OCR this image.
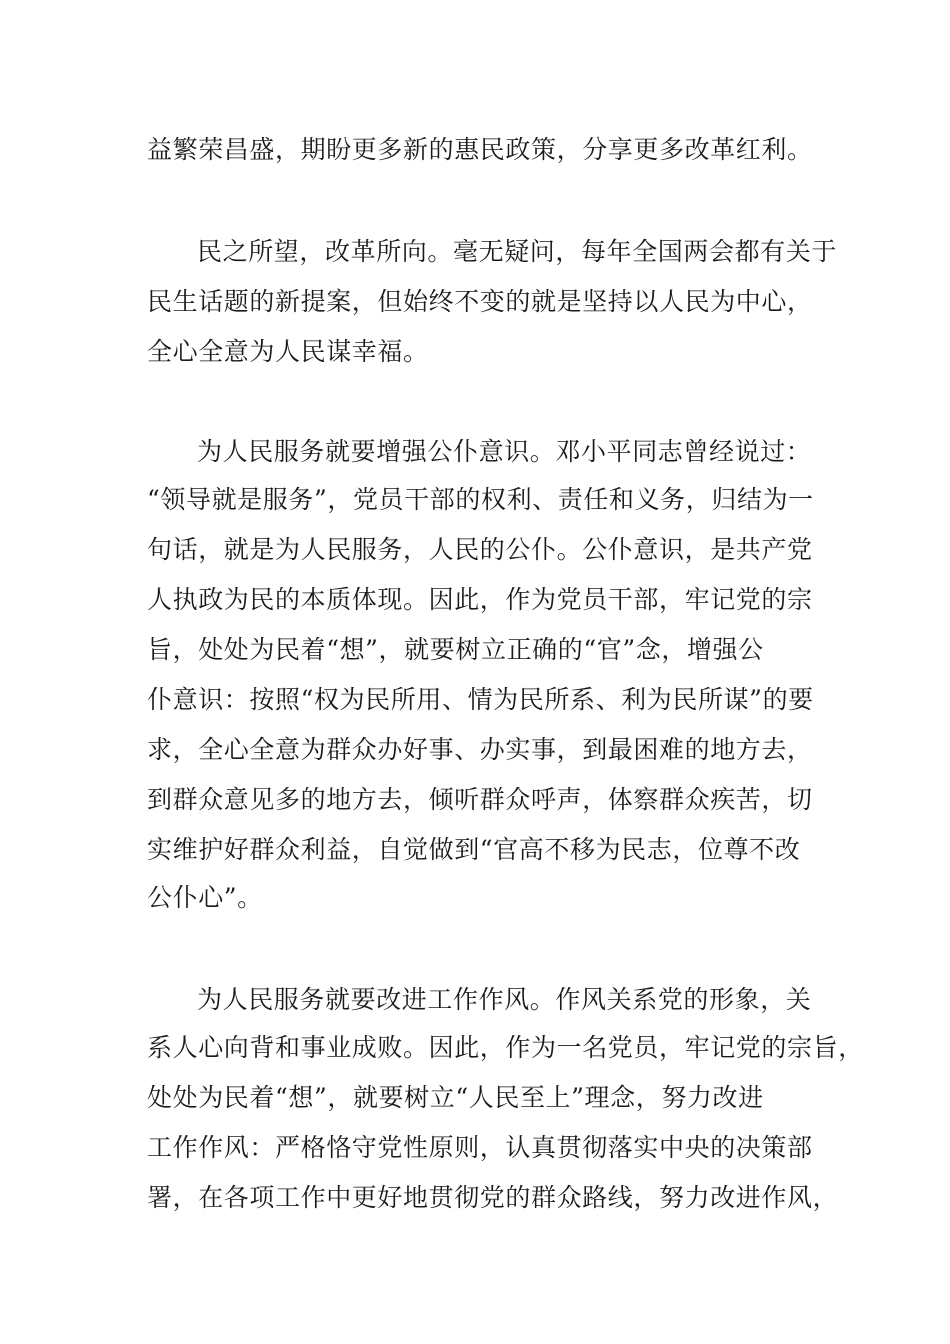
益繁荣昌盛，期盼更多新的惠民政策，分享更多改革红利。
民之所望，改革所向。毫无疑问，每年全国两会都有关于
民生话题的新提案，但始终不变的就是坚持以人民为中心，
全心全意为人民谋幸福。
为人民服务就要增强公仆意识。邓小平同志曾经说过：
“领导就是服务”，党员干部的权利、责任和义务，归结为一
句话，就是为人民服务，人民的公仆。公仆意识，是共产党
人执政为民的本质体现。因此，作为党员干部，牢记党的宗
旨，处处为民着“想”，就要树立正确的“官”念，增强公
仆意识：按照“权为民所用、情为民所系、利为民所谋”的要
求，全心全意为群众办好事、办实事，到最困难的地方去，
到群众意见多的地方去，倾听群众呼声，体察群众疾苦，切
实维护好群众利益，自觉做到“官高不移为民志，位尊不改
公仆心”。
为人民服务就要改进工作作风。作风关系党的形象，关
系人心向背和事业成败。因此，作为一名党员，牢记党的宗旨，
处处为民着“想”，就要树立“人民至上”理念，努力改进
工作作风：严格恪守党性原则，认真贯彻落实中央的决策部
署，在各项工作中更好地贯彻党的群众路线，努力改进作风，
